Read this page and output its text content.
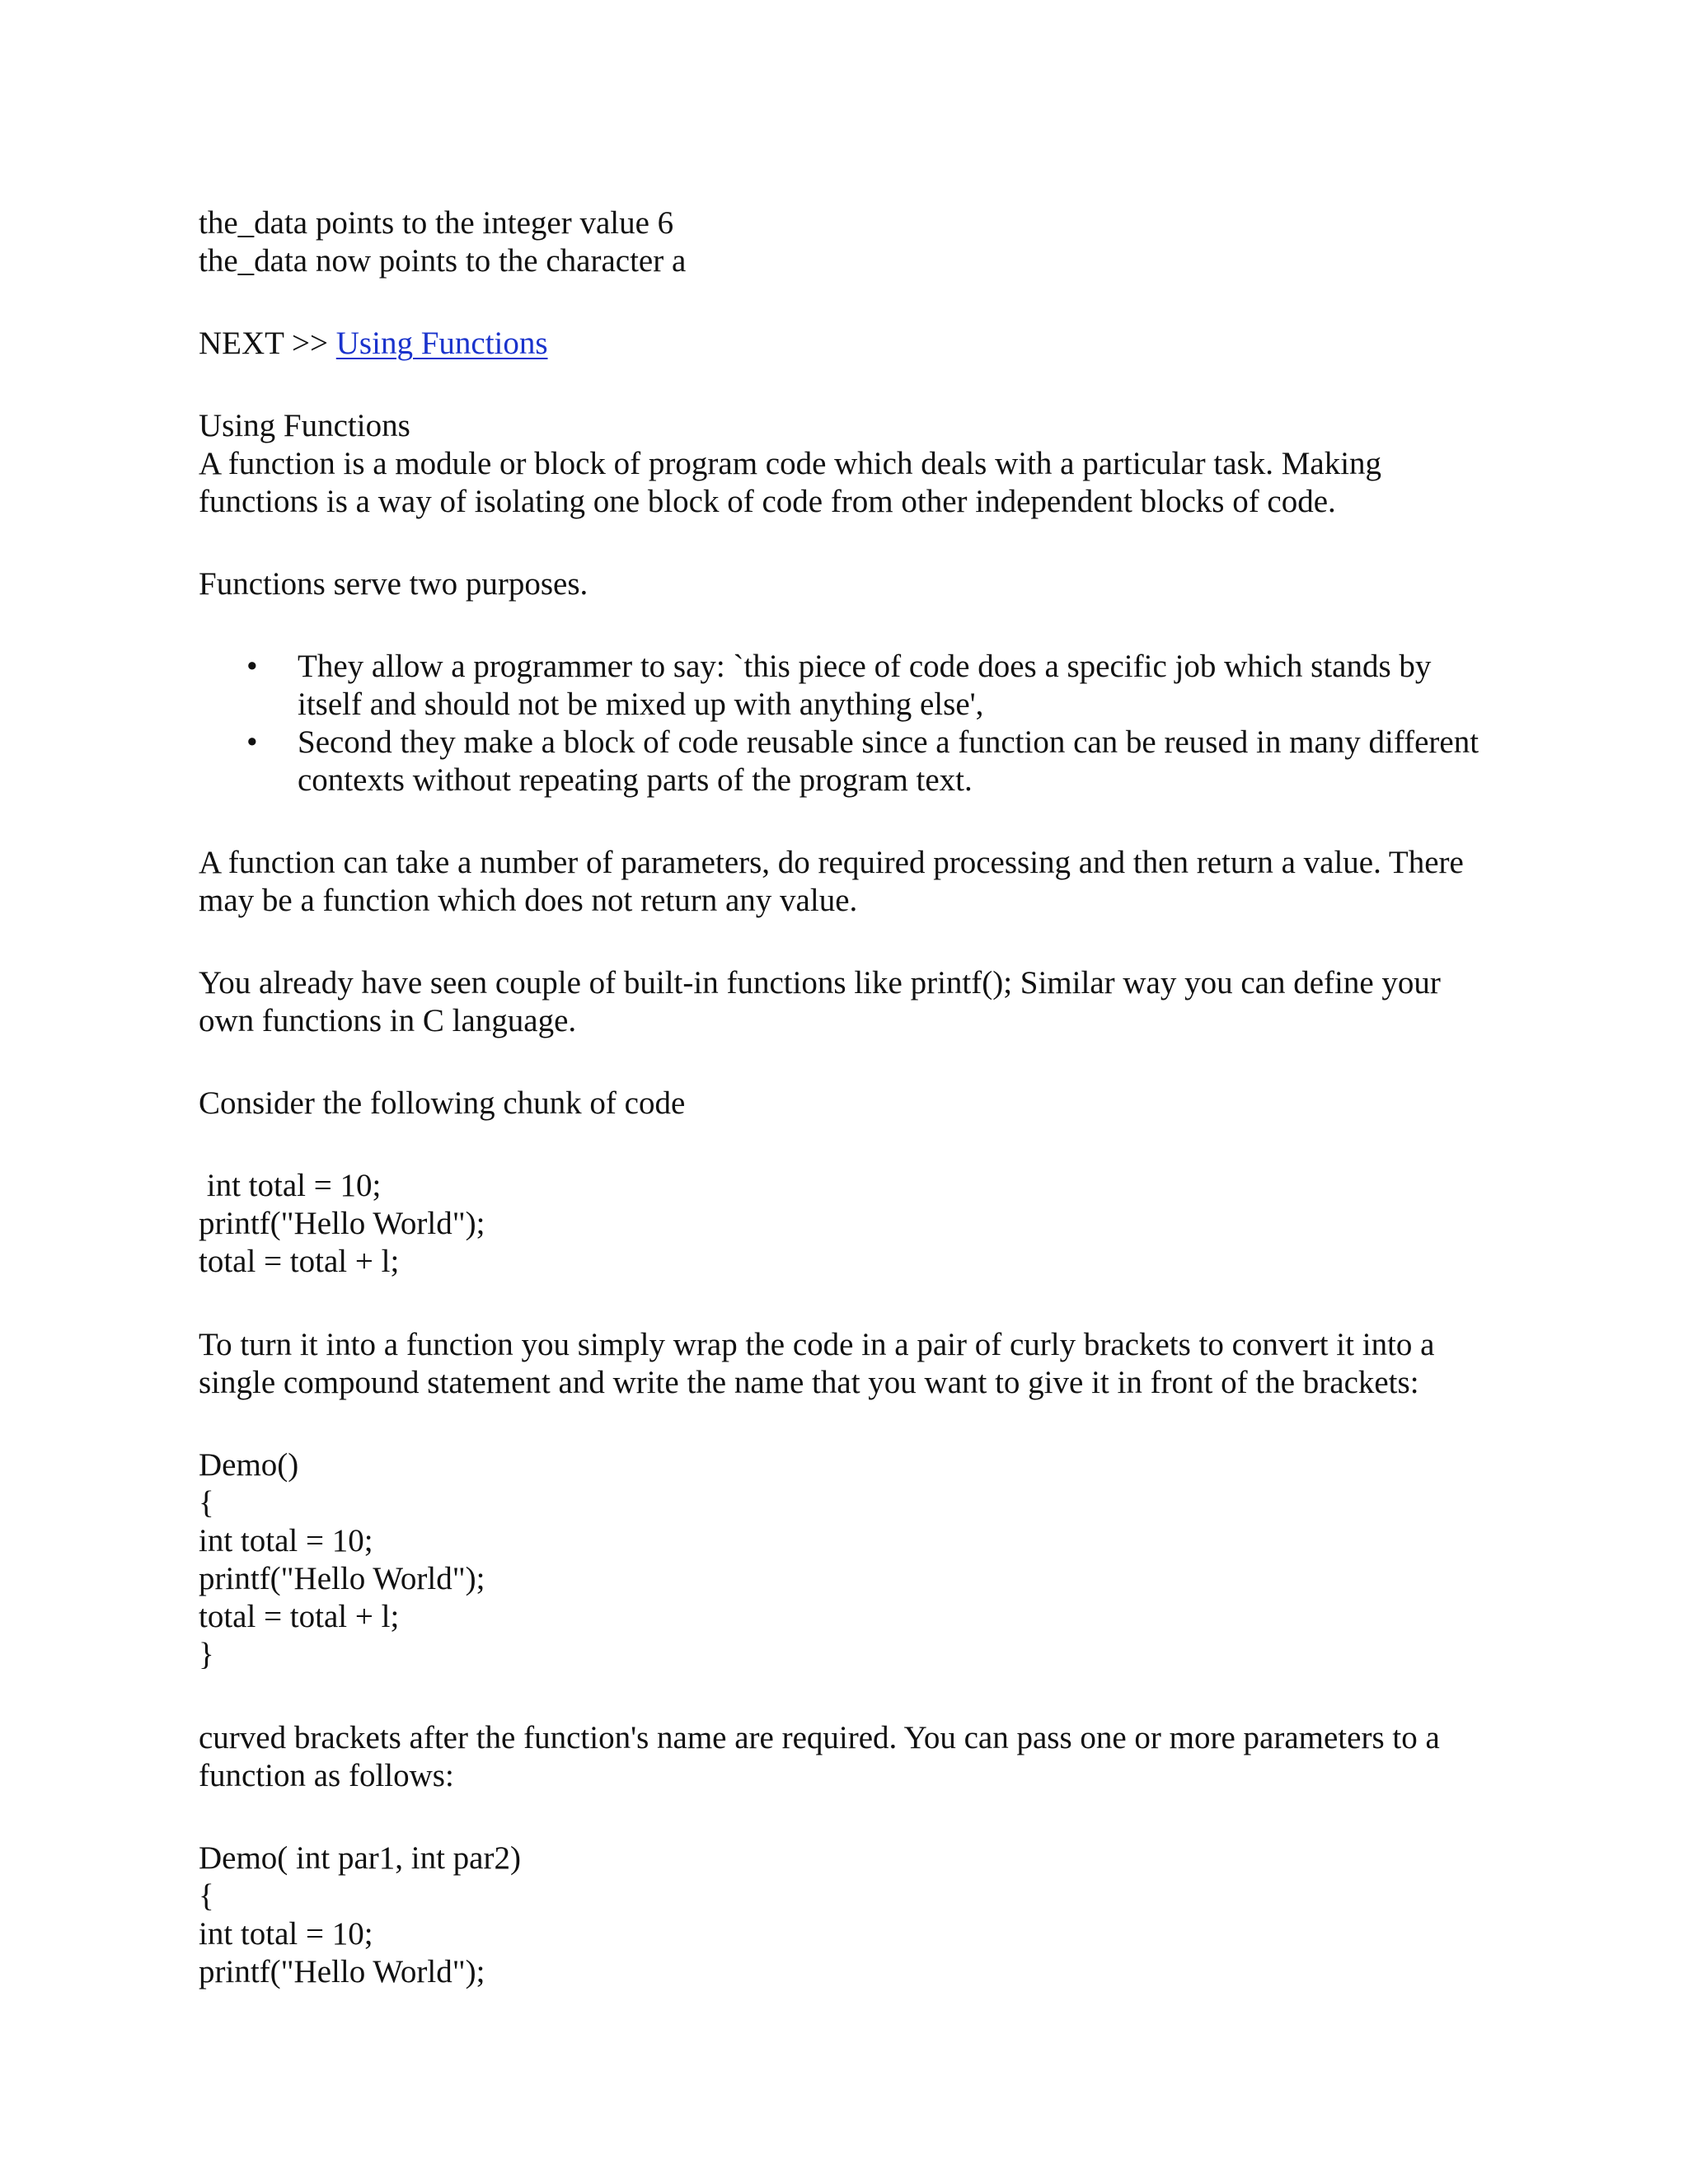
the_data points to the integer value 6
the_data now points to the character a
NEXT >> Using Functions
Using Functions
A function is a module or block of program code which deals with a particular task. Making functions is a way of isolating one block of code from other independent blocks of code.
Functions serve two purposes.
• They allow a programmer to say: `this piece of code does a specific job which stands by itself and should not be mixed up with anything else',
• Second they make a block of code reusable since a function can be reused in many different contexts without repeating parts of the program text.
A function can take a number of parameters, do required processing and then return a value. There may be a function which does not return any value.
You already have seen couple of built-in functions like printf(); Similar way you can define your own functions in C language.
Consider the following chunk of code
int total = 10;
printf("Hello World");
total = total + l;
To turn it into a function you simply wrap the code in a pair of curly brackets to convert it into a single compound statement and write the name that you want to give it in front of the brackets:
Demo()
{
int total = 10;
printf("Hello World");
total = total + l;
}
curved brackets after the function's name are required. You can pass one or more parameters to a function as follows:
Demo( int par1, int par2)
{
int total = 10;
printf("Hello World");
